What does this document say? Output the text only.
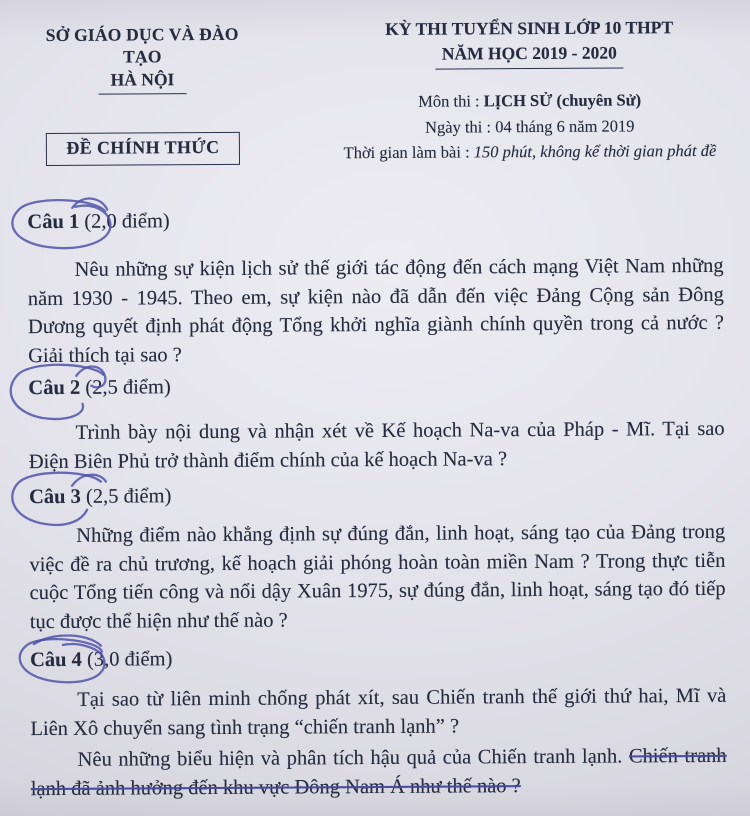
SỞ GIÁO DỤC VÀ ĐÀO TẠO
HÀ NỘI
ĐỀ CHÍNH THỨC
KỲ THI TUYỂN SINH LỚP 10 THPT
NĂM HỌC 2019 - 2020
Môn thi : LỊCH SỬ (chuyên Sử)
Ngày thi : 04 tháng 6 năm 2019
Thời gian làm bài : 150 phút, không kể thời gian phát đề
Câu 1 (2,0 điểm)

Nêu những sự kiện lịch sử thế giới tác động đến cách mạng Việt Nam những năm 1930 - 1945. Theo em, sự kiện nào đã dẫn đến việc Đảng Cộng sản Đông Dương quyết định phát động Tổng khởi nghĩa giành chính quyền trong cả nước ? Giải thích tại sao ?

Câu 2 (2,5 điểm)

Trình bày nội dung và nhận xét về Kế hoạch Na-va của Pháp - Mĩ. Tại sao Điện Biên Phủ trở thành điểm chính của kế hoạch Na-va ?

Câu 3 (2,5 điểm)

Những điểm nào khẳng định sự đúng đắn, linh hoạt, sáng tạo của Đảng trong việc đề ra chủ trương, kế hoạch giải phóng hoàn toàn miền Nam ? Trong thực tiễn cuộc Tổng tiến công và nổi dậy Xuân 1975, sự đúng đắn, linh hoạt, sáng tạo đó tiếp tục được thể hiện như thế nào ?

Câu 4 (3,0 điểm)

Tại sao từ liên minh chống phát xít, sau Chiến tranh thế giới thứ hai, Mĩ và Liên Xô chuyển sang tình trạng “chiến tranh lạnh” ?

Nêu những biểu hiện và phân tích hậu quả của Chiến tranh lạnh. Chiến tranh lạnh đã ảnh hưởng đến khu vực Đông Nam Á như thế nào ?
